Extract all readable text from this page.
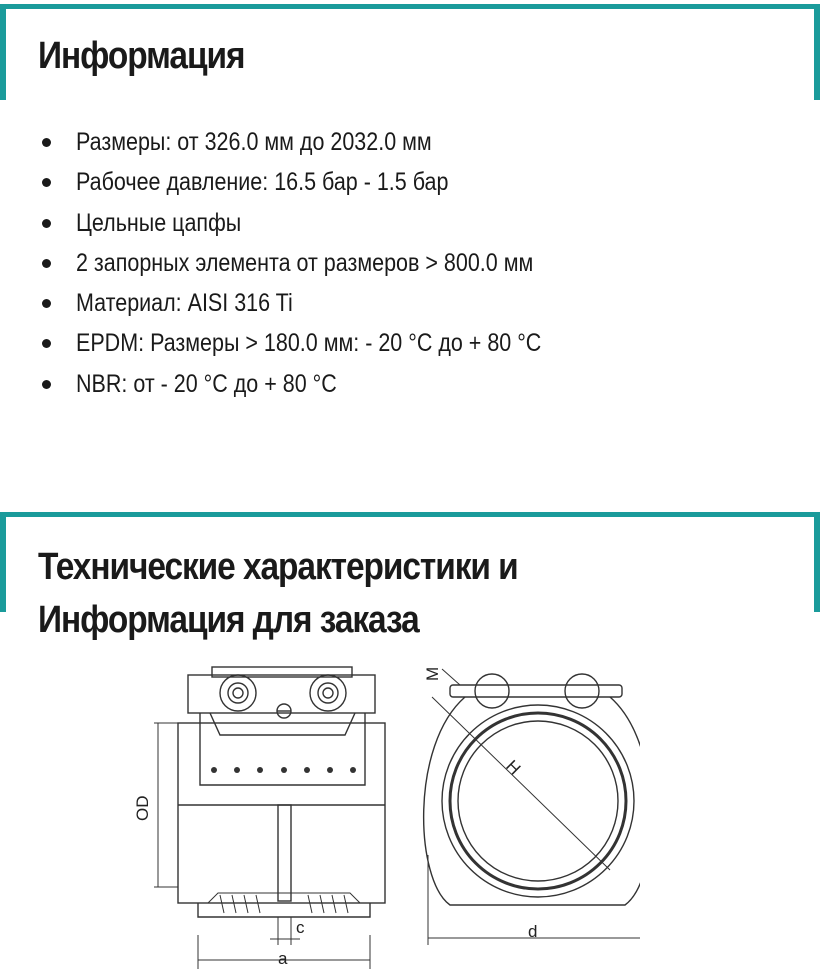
Информация
Размеры: от 326.0 мм до 2032.0 мм
Рабочее давление: 16.5 бар - 1.5 бар
Цельные цапфы
2 запорных элемента от размеров > 800.0 мм
Материал: AISI 316 Ti
EPDM: Размеры > 180.0 мм: - 20 °C до + 80 °C
NBR: от - 20 °C до + 80 °C
Технические характеристики и
Информация для заказа
OD
a
c	d
H
M
